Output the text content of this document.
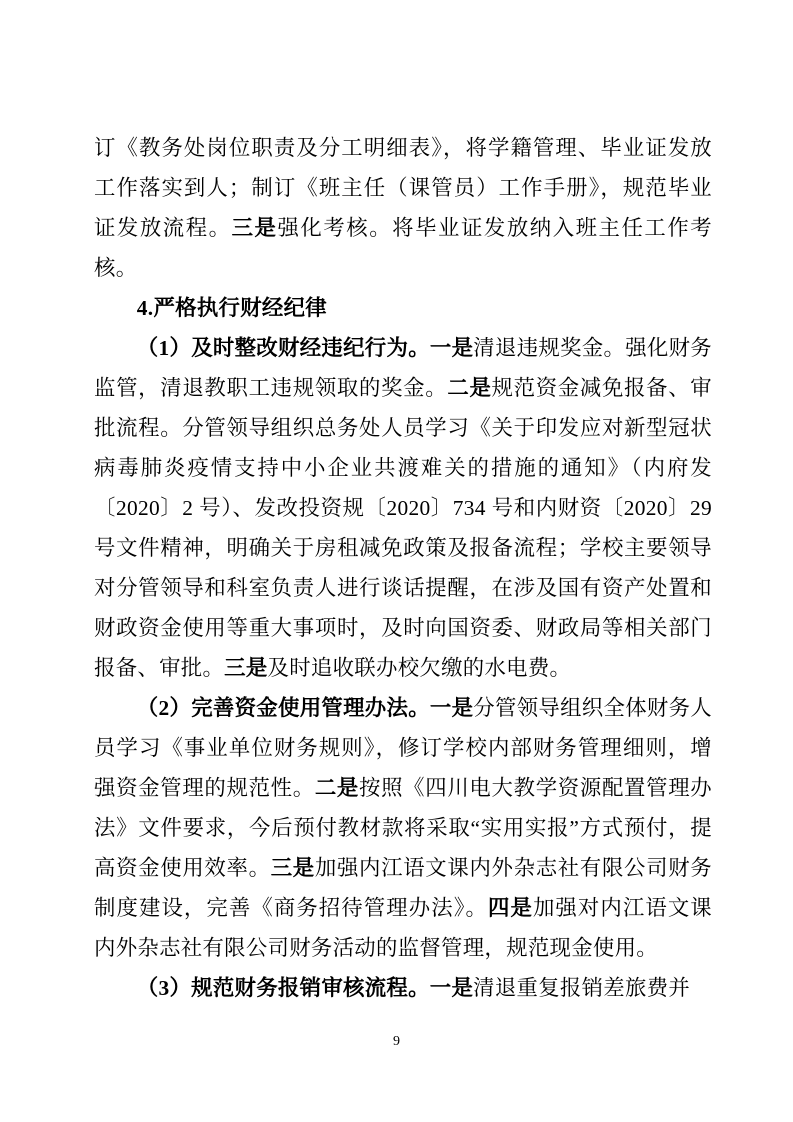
订《教务处岗位职责及分工明细表》，将学籍管理、毕业证发放工作落实到人；制订《班主任（课管员）工作手册》，规范毕业证发放流程。三是强化考核。将毕业证发放纳入班主任工作考核。

4.严格执行财经纪律

（1）及时整改财经违纪行为。一是清退违规奖金。强化财务监管，清退教职工违规领取的奖金。二是规范资金减免报备、审批流程。分管领导组织总务处人员学习《关于印发应对新型冠状病毒肺炎疫情支持中小企业共渡难关的措施的通知》（内府发〔2020〕2 号）、发改投资规〔2020〕734 号和内财资〔2020〕29 号文件精神，明确关于房租减免政策及报备流程；学校主要领导对分管领导和科室负责人进行谈话提醒，在涉及国有资产处置和财政资金使用等重大事项时，及时向国资委、财政局等相关部门报备、审批。三是及时追收联办校欠缴的水电费。

（2）完善资金使用管理办法。一是分管领导组织全体财务人员学习《事业单位财务规则》，修订学校内部财务管理细则，增强资金管理的规范性。二是按照《四川电大教学资源配置管理办法》文件要求，今后预付教材款将采取“实用实报”方式预付，提高资金使用效率。三是加强内江语文课内外杂志社有限公司财务制度建设，完善《商务招待管理办法》。四是加强对内江语文课内外杂志社有限公司财务活动的监督管理，规范现金使用。

（3）规范财务报销审核流程。一是清退重复报销差旅费并

9
